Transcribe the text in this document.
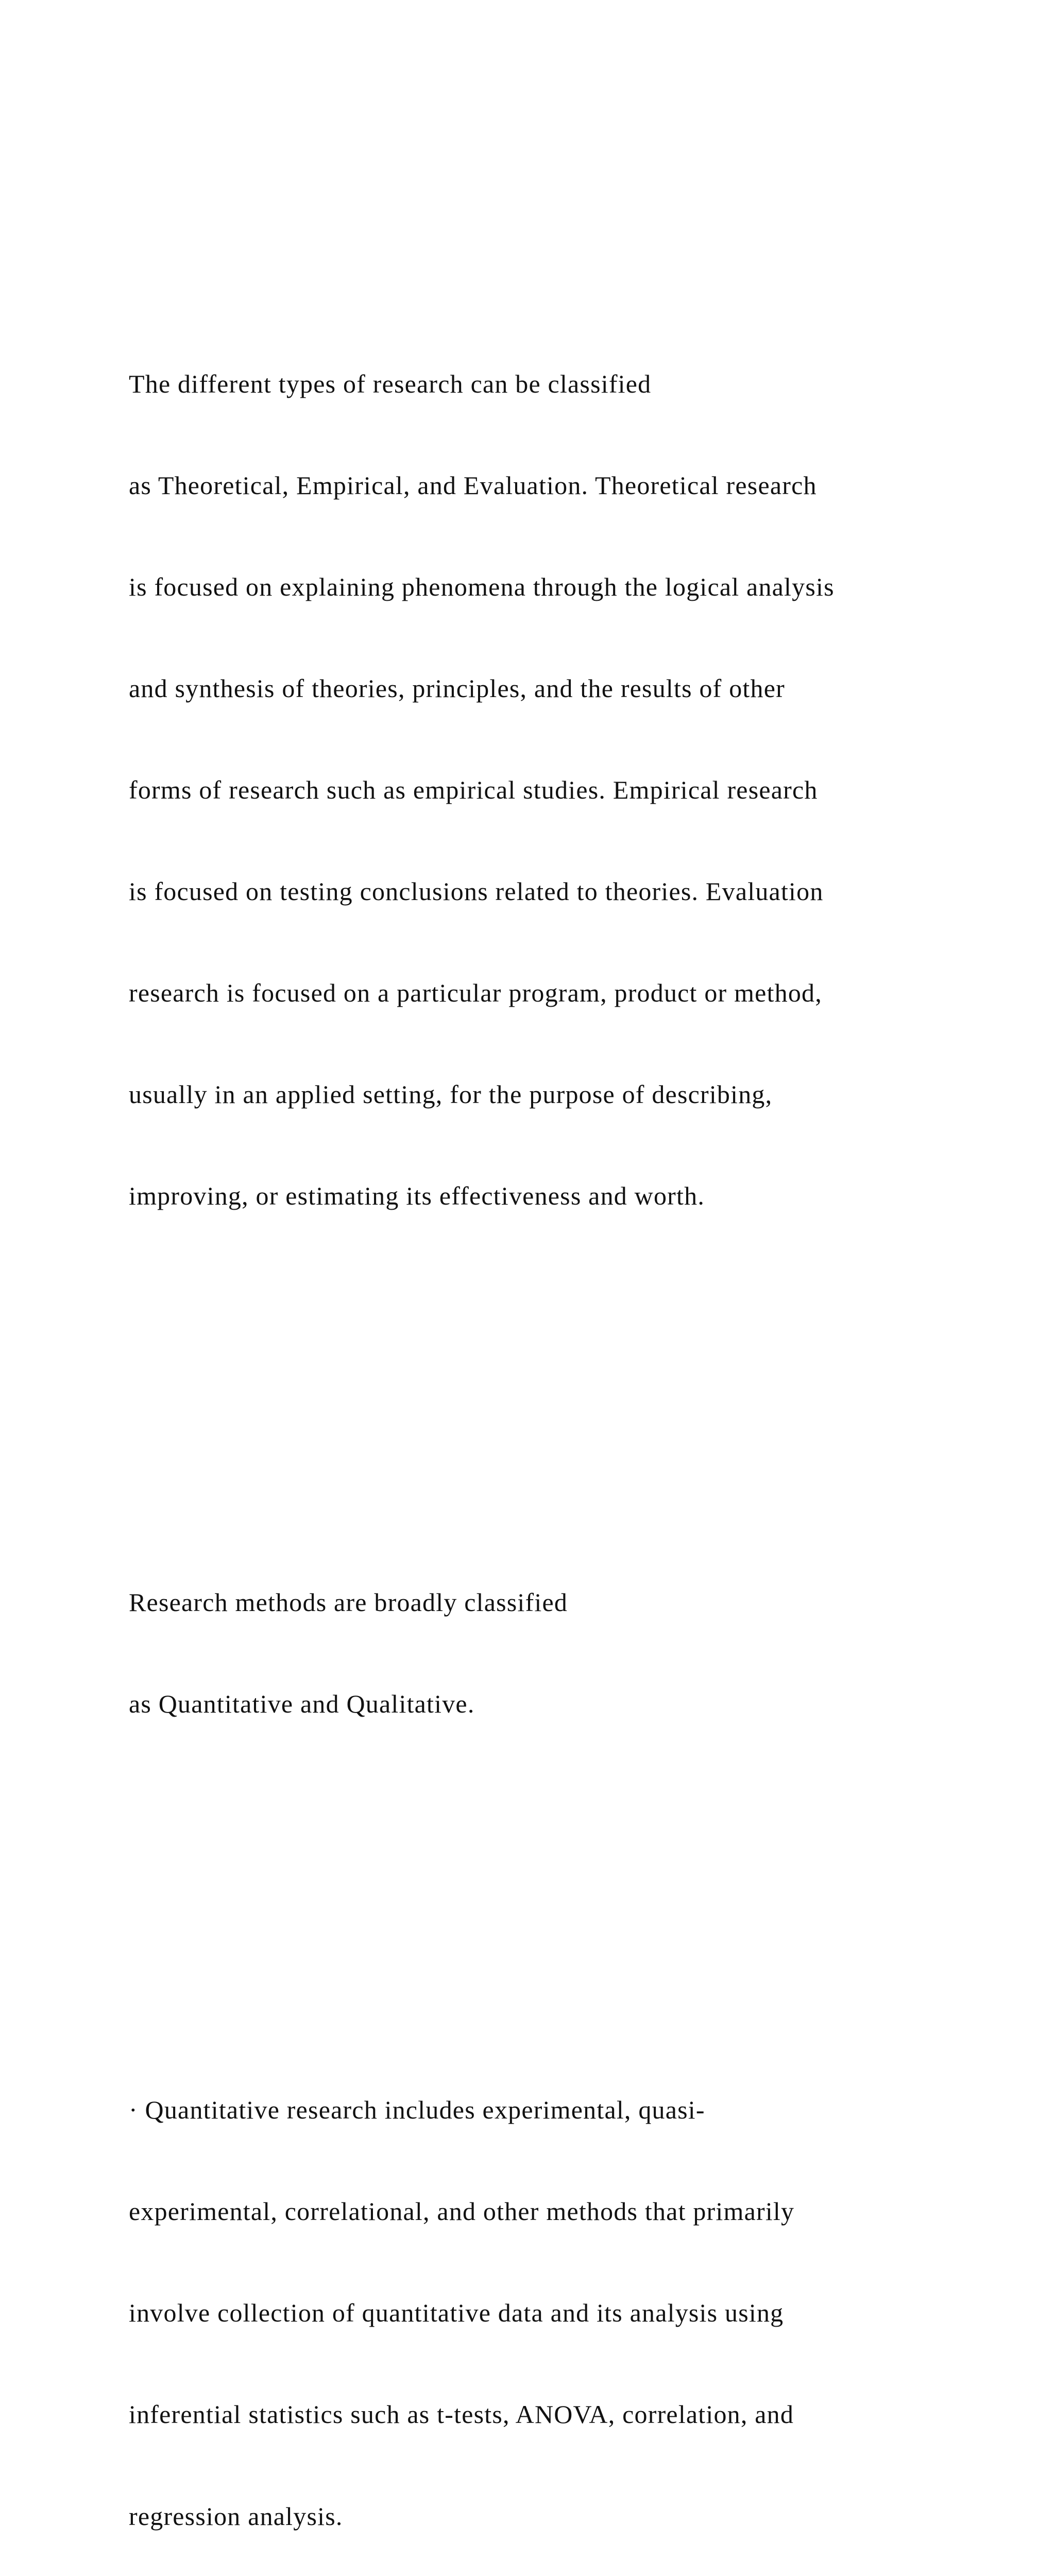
The different types of research can be classified

as Theoretical, Empirical, and Evaluation. Theoretical research

is focused on explaining phenomena through the logical analysis

and synthesis of theories, principles, and the results of other

forms of research such as empirical studies. Empirical research

is focused on testing conclusions related to theories. Evaluation

research is focused on a particular program, product or method,

usually in an applied setting, for the purpose of describing,

improving, or estimating its effectiveness and worth.

Research methods are broadly classified

as Quantitative and Qualitative.

· Quantitative research includes experimental, quasi-

experimental, correlational, and other methods that primarily

involve collection of quantitative data and its analysis using

inferential statistics such as t-tests, ANOVA, correlation, and

regression analysis.
